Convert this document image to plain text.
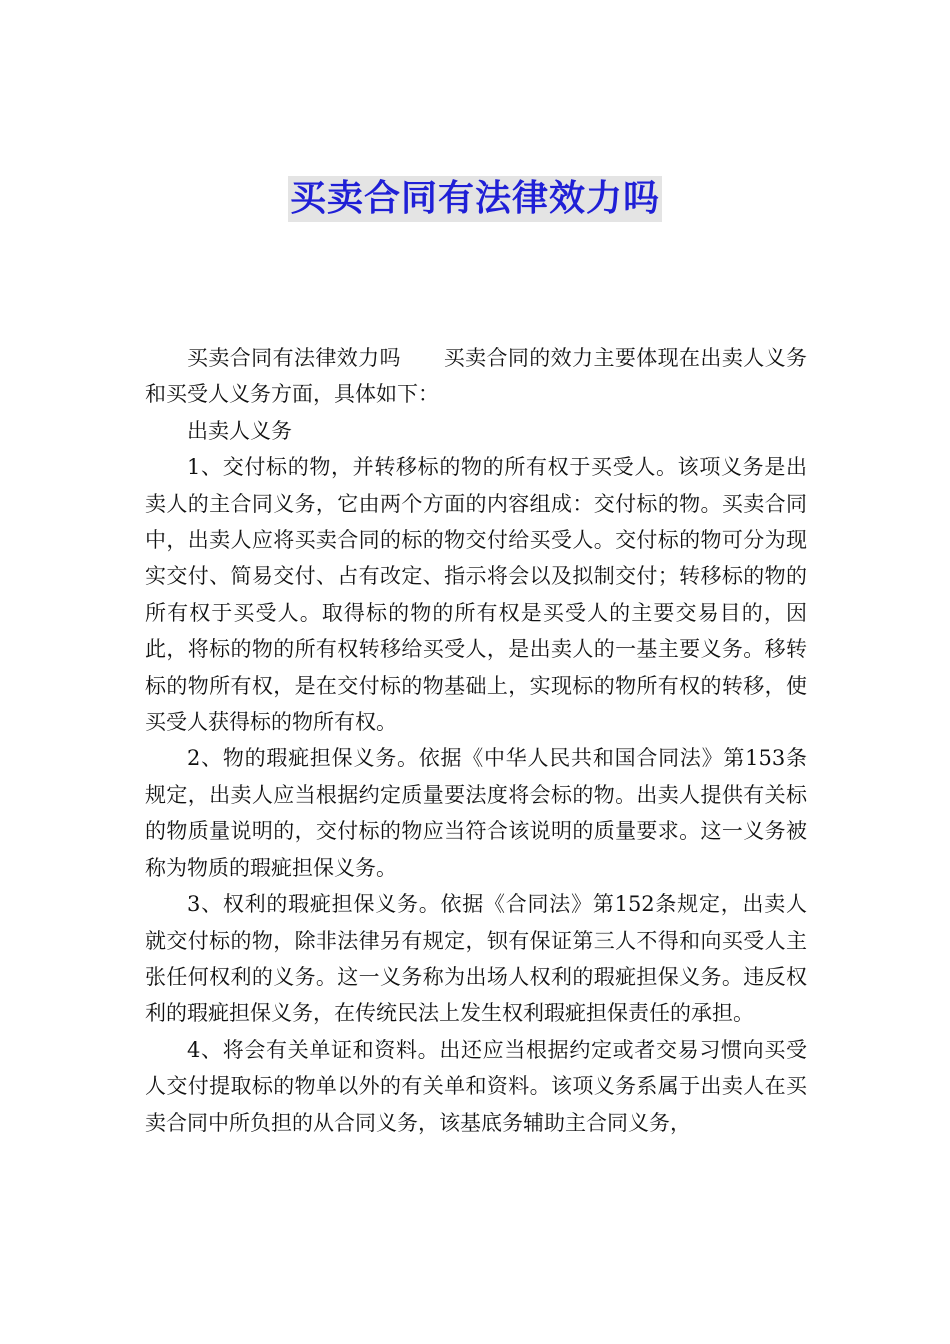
买卖合同有法律效力吗

买卖合同有法律效力吗　　买卖合同的效力主要体现在出卖人义务和买受人义务方面，具体如下：

出卖人义务

1、交付标的物，并转移标的物的所有权于买受人。该项义务是出卖人的主合同义务，它由两个方面的内容组成：交付标的物。买卖合同中，出卖人应将买卖合同的标的物交付给买受人。交付标的物可分为现实交付、简易交付、占有改定、指示将会以及拟制交付；转移标的物的所有权于买受人。取得标的物的所有权是买受人的主要交易目的，因此，将标的物的所有权转移给买受人，是出卖人的一基主要义务。移转标的物所有权，是在交付标的物基础上，实现标的物所有权的转移，使买受人获得标的物所有权。

2、物的瑕疵担保义务。依据《中华人民共和国合同法》第153条规定，出卖人应当根据约定质量要法度将会标的物。出卖人提供有关标的物质量说明的，交付标的物应当符合该说明的质量要求。这一义务被称为物质的瑕疵担保义务。

3、权利的瑕疵担保义务。依据《合同法》第152条规定，出卖人就交付标的物，除非法律另有规定，钡有保证第三人不得和向买受人主张任何权利的义务。这一义务称为出场人权利的瑕疵担保义务。违反权利的瑕疵担保义务，在传统民法上发生权利瑕疵担保责任的承担。

4、将会有关单证和资料。出还应当根据约定或者交易习惯向买受人交付提取标的物单以外的有关单和资料。该项义务系属于出卖人在买卖合同中所负担的从合同义务，该基底务辅助主合同义务，
